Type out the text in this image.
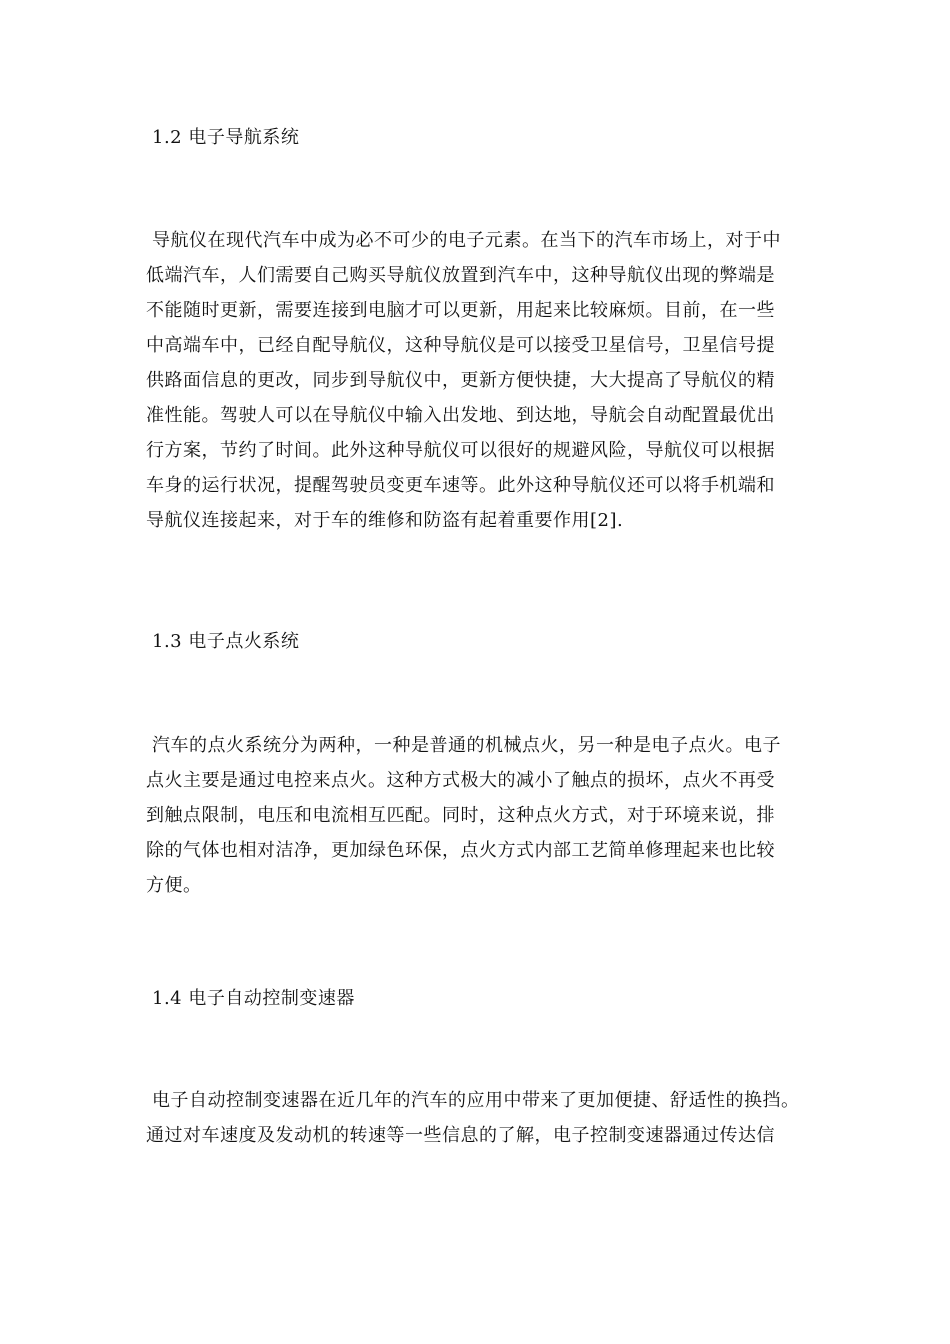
1.2 电子导航系统
导航仪在现代汽车中成为必不可少的电子元素。在当下的汽车市场上，对于中
低端汽车，人们需要自己购买导航仪放置到汽车中，这种导航仪出现的弊端是
不能随时更新，需要连接到电脑才可以更新，用起来比较麻烦。目前，在一些
中高端车中，已经自配导航仪，这种导航仪是可以接受卫星信号，卫星信号提
供路面信息的更改，同步到导航仪中，更新方便快捷，大大提高了导航仪的精
准性能。驾驶人可以在导航仪中输入出发地、到达地，导航会自动配置最优出
行方案，节约了时间。此外这种导航仪可以很好的规避风险，导航仪可以根据
车身的运行状况，提醒驾驶员变更车速等。此外这种导航仪还可以将手机端和
导航仪连接起来，对于车的维修和防盗有起着重要作用[2].
1.3 电子点火系统
汽车的点火系统分为两种，一种是普通的机械点火，另一种是电子点火。电子
点火主要是通过电控来点火。这种方式极大的减小了触点的损坏，点火不再受
到触点限制，电压和电流相互匹配。同时，这种点火方式，对于环境来说，排
除的气体也相对洁净，更加绿色环保，点火方式内部工艺简单修理起来也比较
方便。
1.4 电子自动控制变速器
电子自动控制变速器在近几年的汽车的应用中带来了更加便捷、舒适性的换挡。
通过对车速度及发动机的转速等一些信息的了解，电子控制变速器通过传达信
